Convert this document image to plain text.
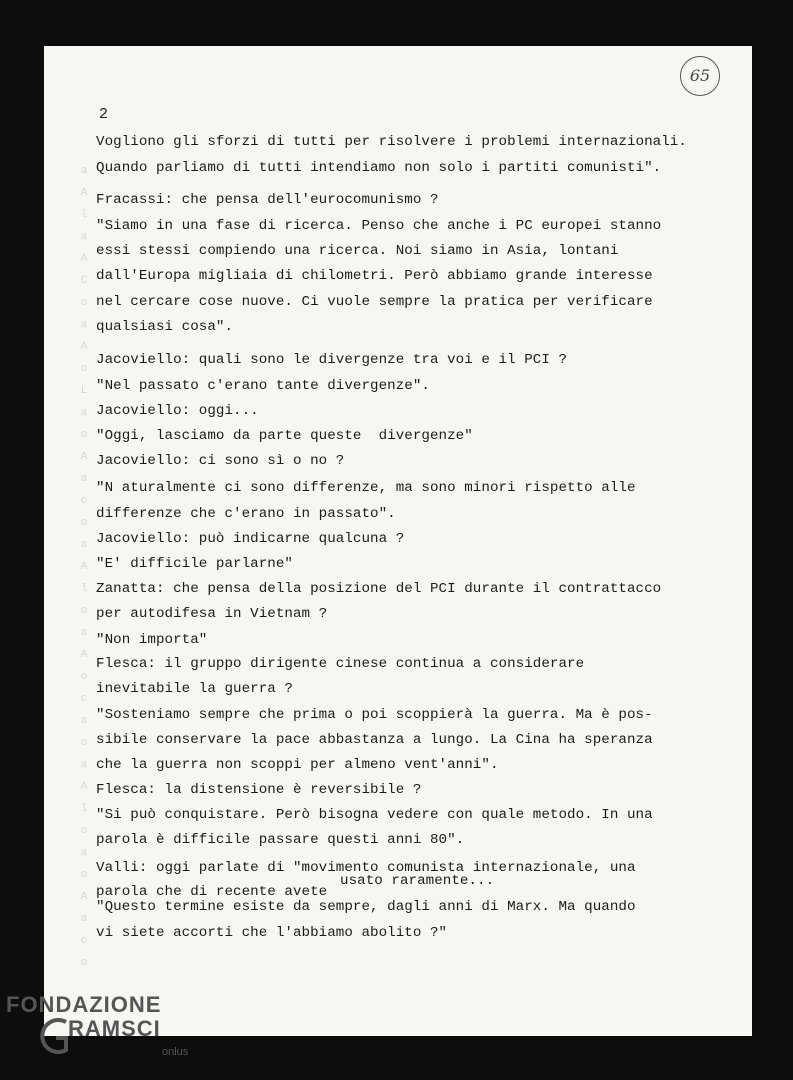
a
A
l
a
A
C
o
a
A
o
L
a
o
A
a
c
o
a
A
l
o
a
A
o
c
a
o
a
A
l
o
a
o
A
a
c
o
2
65
Vogliono gli sforzi di tutti per risolvere i problemi internazionali.
Quando parliamo di tutti intendiamo non solo i partiti comunisti".
Fracassi: che pensa dell'eurocomunismo ?
"Siamo in una fase di ricerca. Penso che anche i PC europei stanno
essi stessi compiendo una ricerca. Noi siamo in Asia, lontani
dall'Europa migliaia di chilometri. Però abbiamo grande interesse
nel cercare cose nuove. Ci vuole sempre la pratica per verificare
qualsiasi cosa".
Jacoviello: quali sono le divergenze tra voi e il PCI ?
"Nel passato c'erano tante divergenze".
Jacoviello: oggi...
"Oggi, lasciamo da parte queste  divergenze"
Jacoviello: ci sono sì o no ?
"N aturalmente ci sono differenze, ma sono minori rispetto alle
differenze che c'erano in passato".
Jacoviello: può indicarne qualcuna ?
"E' difficile parlarne"
Zanatta: che pensa della posizione del PCI durante il contrattacco
per autodifesa in Vietnam ?
"Non importa"
Flesca: il gruppo dirigente cinese continua a considerare
inevitabile la guerra ?
"Sosteniamo sempre che prima o poi scoppierà la guerra. Ma è pos-
sibile conservare la pace abbastanza a lungo. La Cina ha speranza
che la guerra non scoppi per almeno vent'anni".
Flesca: la distensione è reversibile ?
"Si può conquistare. Però bisogna vedere con quale metodo. In una
parola è difficile passare questi anni 80".
Valli: oggi parlate di "movimento comunista internazionale, una
usato raramente...
parola che di recente avete
"Questo termine esiste da sempre, dagli anni di Marx. Ma quando
vi siete accorti che l'abbiamo abolito ?"
FONDAZIONE
RAMSCI
onlus
